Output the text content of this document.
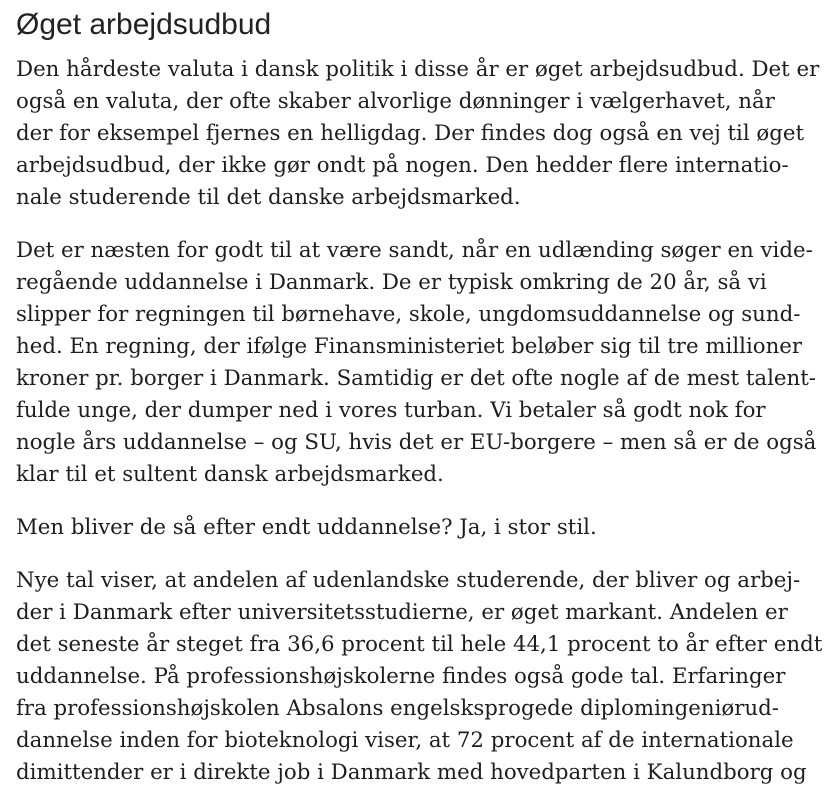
Øget arbejdsudbud

Den hårdeste valuta i dansk politik i disse år er øget arbejdsudbud. Det er
også en valuta, der ofte skaber alvorlige dønninger i vælgerhavet, når
der for eksempel fjernes en helligdag. Der findes dog også en vej til øget
arbejdsudbud, der ikke gør ondt på nogen. Den hedder flere internatio-
nale studerende til det danske arbejdsmarked.

Det er næsten for godt til at være sandt, når en udlænding søger en vide-
regående uddannelse i Danmark. De er typisk omkring de 20 år, så vi
slipper for regningen til børnehave, skole, ungdomsuddannelse og sund-
hed. En regning, der ifølge Finansministeriet beløber sig til tre millioner
kroner pr. borger i Danmark. Samtidig er det ofte nogle af de mest talent-
fulde unge, der dumper ned i vores turban. Vi betaler så godt nok for
nogle års uddannelse – og SU, hvis det er EU-borgere – men så er de også
klar til et sultent dansk arbejdsmarked.

Men bliver de så efter endt uddannelse? Ja, i stor stil.

Nye tal viser, at andelen af udenlandske studerende, der bliver og arbej-
der i Danmark efter universitetsstudierne, er øget markant. Andelen er
det seneste år steget fra 36,6 procent til hele 44,1 procent to år efter endt
uddannelse. På professionshøjskolerne findes også gode tal. Erfaringer
fra professionshøjskolen Absalons engelsksprogede diplomingeniørud-
dannelse inden for bioteknologi viser, at 72 procent af de internationale
dimittender er i direkte job i Danmark med hovedparten i Kalundborg og
